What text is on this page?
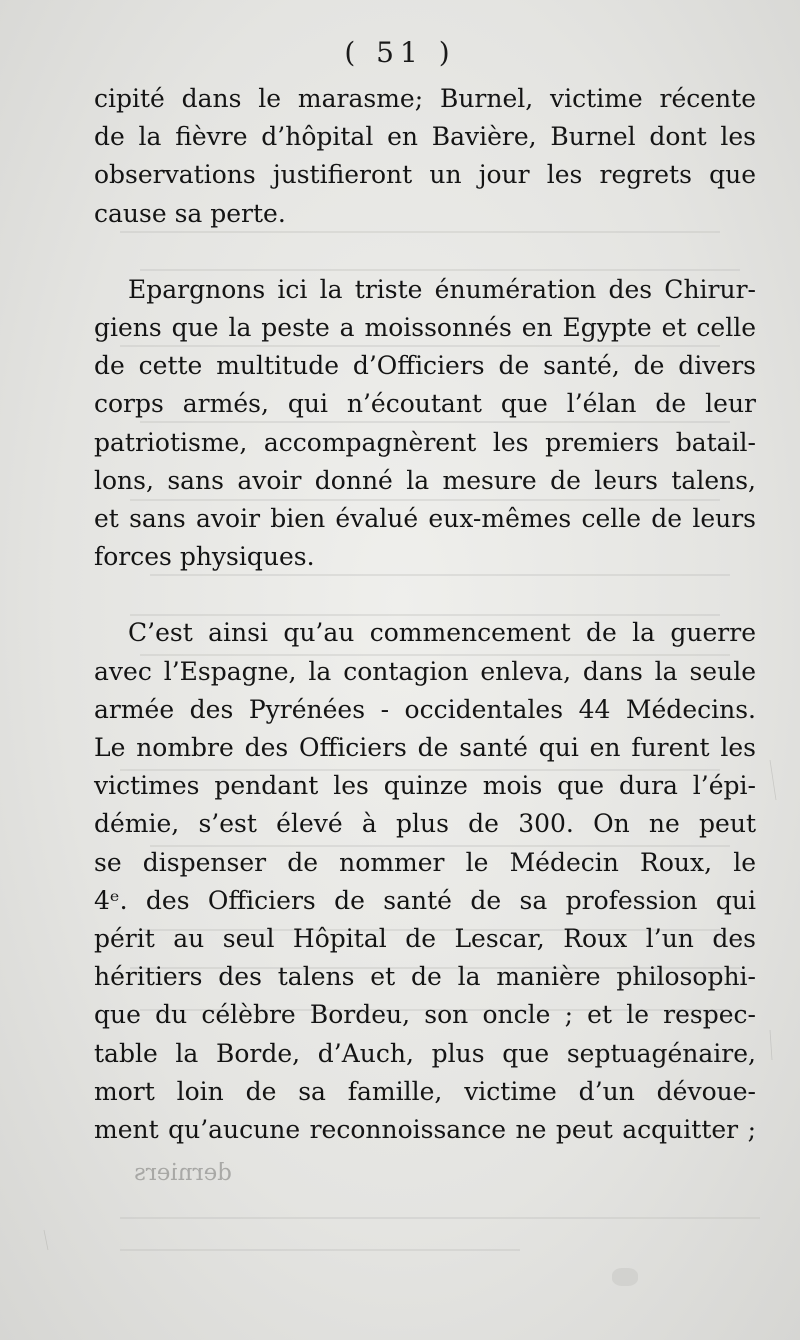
( 51 )

cipité dans le marasme; Burnel, victime récente
de la fièvre d’hôpital en Bavière, Burnel dont les
observations justifieront un jour les regrets que
cause sa perte.

Epargnons ici la triste énumération des Chirur-
giens que la peste a moissonnés en Egypte et celle
de cette multitude d’Officiers de santé, de divers
corps armés, qui n’écoutant que l’élan de leur
patriotisme, accompagnèrent les premiers batail-
lons, sans avoir donné la mesure de leurs talens,
et sans avoir bien évalué eux-mêmes celle de leurs
forces physiques.

C’est ainsi qu’au commencement de la guerre
avec l’Espagne, la contagion enleva, dans la seule
armée des Pyrénées - occidentales 44 Médecins.
Le nombre des Officiers de santé qui en furent les
victimes pendant les quinze mois que dura l’épi-
démie, s’est élevé à plus de 300. On ne peut
se dispenser de nommer le Médecin Roux, le
4ᵉ. des Officiers de santé de sa profession qui
périt au seul Hôpital de Lescar, Roux l’un des
héritiers des talens et de la manière philosophi-
que du célèbre Bordeu, son oncle ; et le respec-
table la Borde, d’Auch, plus que septuagénaire,
mort loin de sa famille, victime d’un dévoue-
ment qu’aucune reconnoissance ne peut acquitter ;

derniers
